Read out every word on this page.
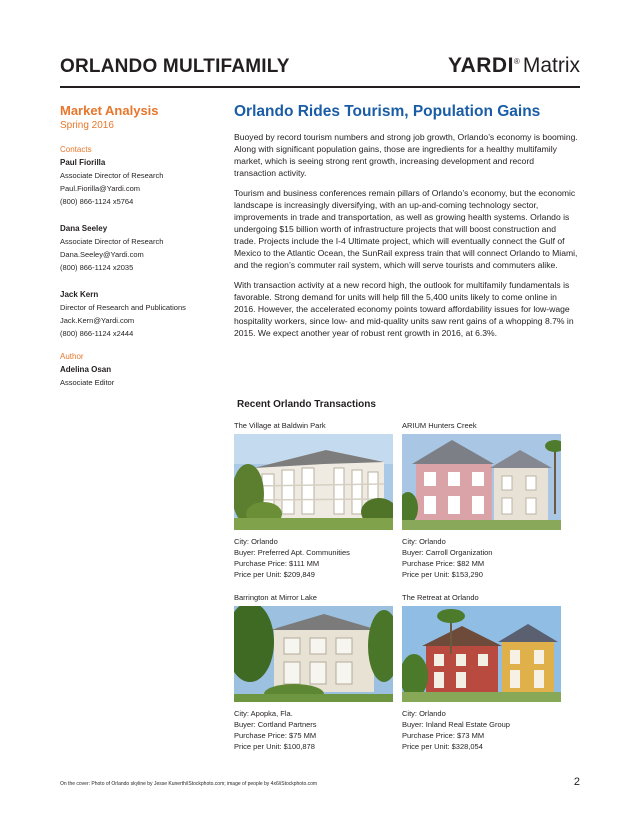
ORLANDO MULTIFAMILY	YARDI® Matrix
Market Analysis
Spring 2016
Contacts
Paul Fiorilla
Associate Director of Research
Paul.Fiorilla@Yardi.com
(800) 866-1124 x5764
Dana Seeley
Associate Director of Research
Dana.Seeley@Yardi.com
(800) 866-1124 x2035
Jack Kern
Director of Research and Publications
Jack.Kern@Yardi.com
(800) 866-1124 x2444
Author
Adelina Osan
Associate Editor
Orlando Rides Tourism, Population Gains

Buoyed by record tourism numbers and strong job growth, Orlando’s economy is booming. Along with significant population gains, those are ingredients for a healthy multifamily market, which is seeing strong rent growth, increasing development and record transaction activity.

Tourism and business conferences remain pillars of Orlando’s economy, but the economic landscape is increasingly diversifying, with an up-and-coming technology sector, improvements in trade and transportation, as well as growing health systems. Orlando is undergoing $15 billion worth of infrastructure projects that will boost construction and trade. Projects include the I-4 Ultimate project, which will eventually connect the Gulf of Mexico to the Atlantic Ocean, the SunRail express train that will connect Orlando to Miami, and the region’s commuter rail system, which will serve tourists and commuters alike.

With transaction activity at a new record high, the outlook for multifamily fundamentals is favorable. Strong demand for units will help fill the 5,400 units likely to come online in 2016. However, the accelerated economy points toward affordability issues for low-wage hospitality workers, since low- and mid-quality units saw rent gains of a whopping 8.7% in 2015. We expect another year of robust rent growth in 2016, at 6.3%.

Recent Orlando Transactions
The Village at Baldwin Park
City: Orlando
Buyer: Preferred Apt. Communities
Purchase Price: $111 MM
Price per Unit: $209,849
ARIUM Hunters Creek
City: Orlando
Buyer: Carroll Organization
Purchase Price: $82 MM
Price per Unit: $153,290
Barrington at Mirror Lake
City: Apopka, Fla.
Buyer: Cortland Partners
Purchase Price: $75 MM
Price per Unit: $100,878
The Retreat at Orlando
City: Orlando
Buyer: Inland Real Estate Group
Purchase Price: $73 MM
Price per Unit: $328,054
On the cover: Photo of Orlando skyline by Jesse Kunerth/iStockphoto.com; image of people by 4x6/iStockphoto.com	2
